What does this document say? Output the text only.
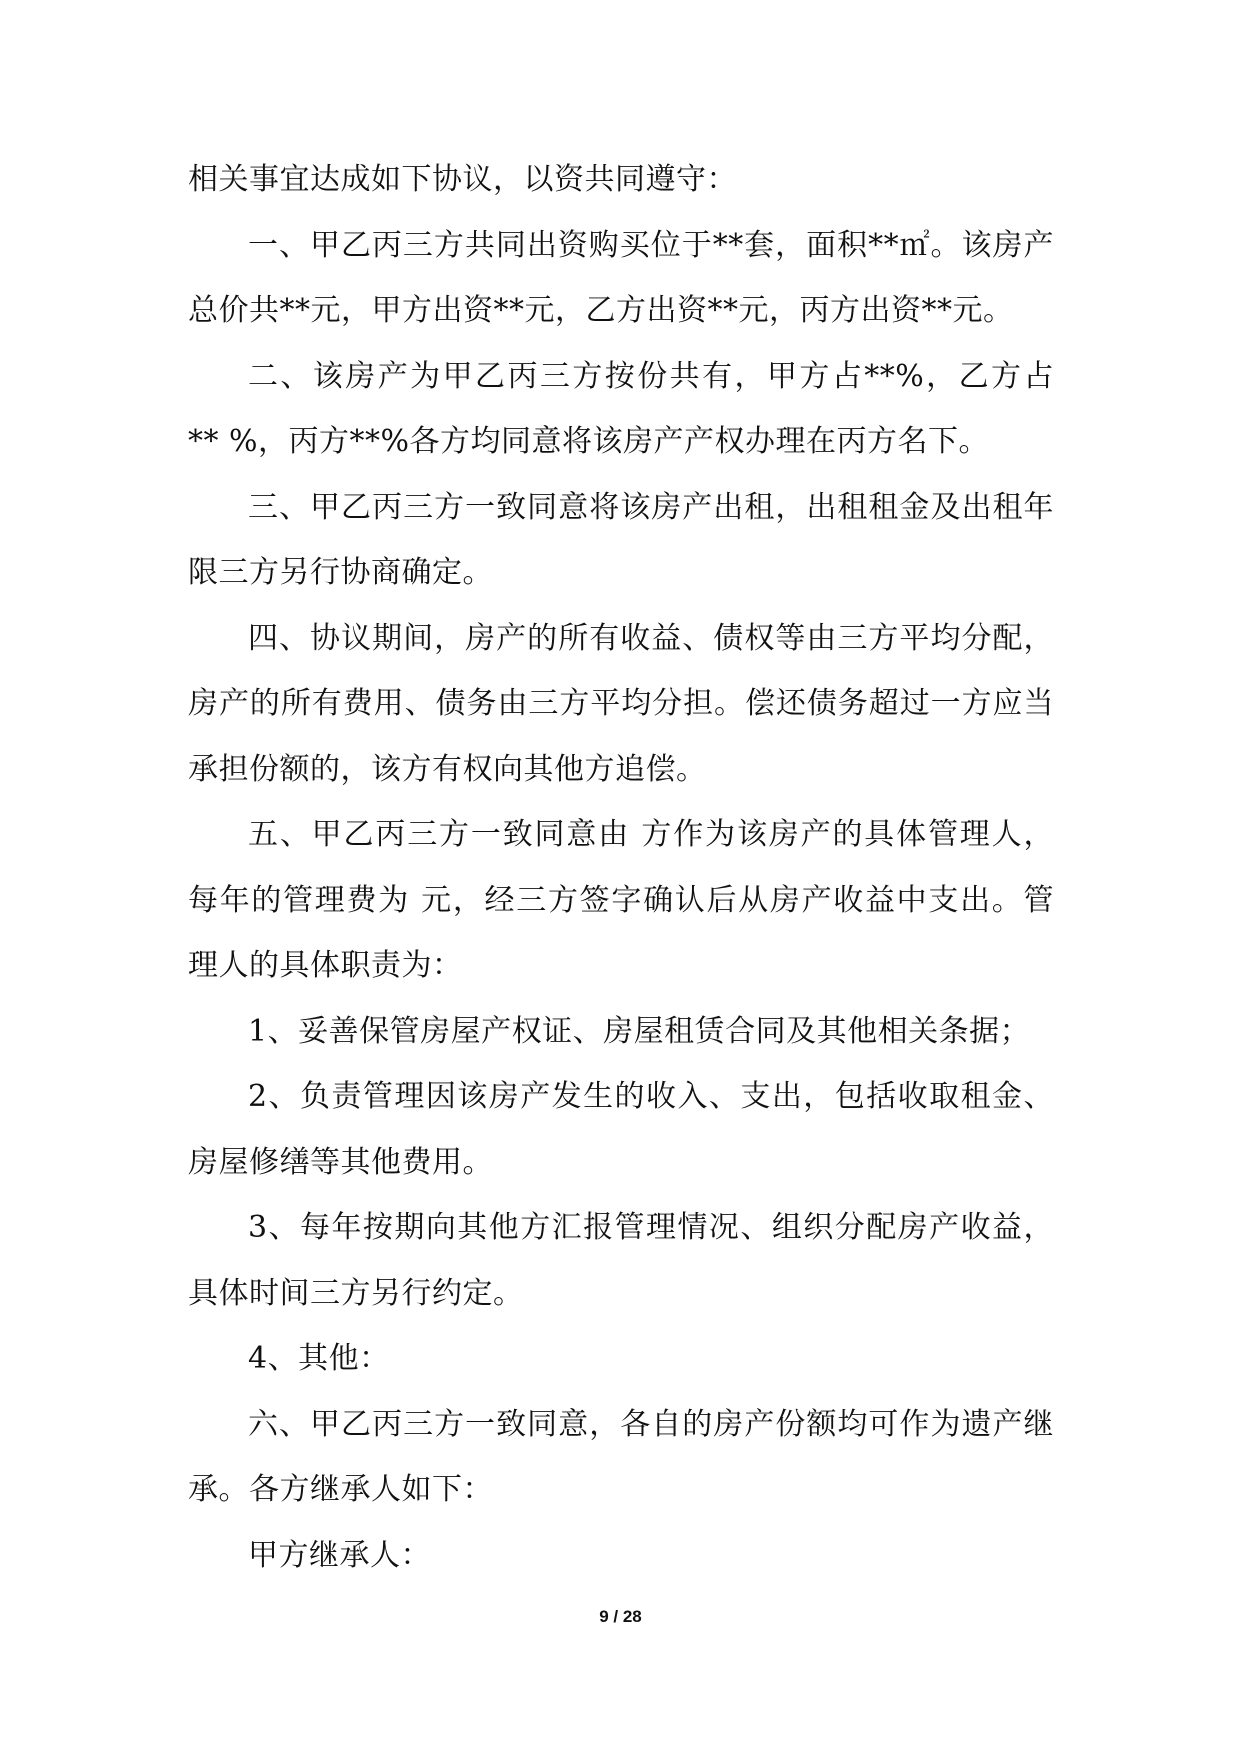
相关事宜达成如下协议，以资共同遵守：
一、甲乙丙三方共同出资购买位于**套，面积**㎡。该房产
总价共**元，甲方出资**元，乙方出资**元，丙方出资**元。
二、该房产为甲乙丙三方按份共有，甲方占**%，乙方占
** %，丙方**%各方均同意将该房产产权办理在丙方名下。
三、甲乙丙三方一致同意将该房产出租，出租租金及出租年
限三方另行协商确定。
四、协议期间，房产的所有收益、债权等由三方平均分配，
房产的所有费用、债务由三方平均分担。偿还债务超过一方应当
承担份额的，该方有权向其他方追偿。
五、甲乙丙三方一致同意由 方作为该房产的具体管理人，
每年的管理费为 元，经三方签字确认后从房产收益中支出。管
理人的具体职责为：
1、妥善保管房屋产权证、房屋租赁合同及其他相关条据；
2、负责管理因该房产发生的收入、支出，包括收取租金、
房屋修缮等其他费用。
3、每年按期向其他方汇报管理情况、组织分配房产收益，
具体时间三方另行约定。
4、其他：
六、甲乙丙三方一致同意，各自的房产份额均可作为遗产继
承。各方继承人如下：
甲方继承人：
9 / 28
